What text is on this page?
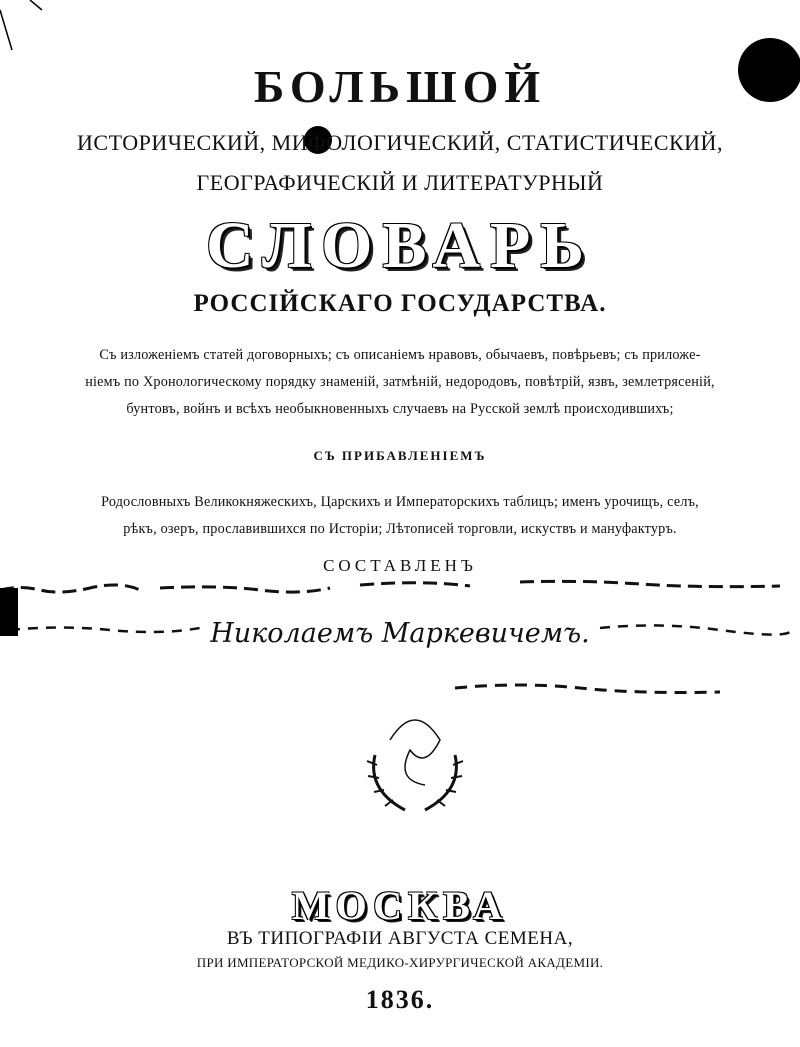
БОЛЬШОЙ
ИСТОРИЧЕСКИЙ, МИФОЛОГИЧЕСКИЙ, СТАТИСТИЧЕСКИЙ,
ГЕОГРАФИЧЕСКІЙ И ЛИТЕРАТУРНЫЙ
СЛОВАРЬ
РОССІЙСКАГО ГОСУДАРСТВА.
Съ изложеніемъ статей договорныхъ; съ описаніемъ нравовъ, обычаевъ, повѣрьевъ; съ приложе-
ніемъ по Хронологическому порядку знаменій, затмѣній, недородовъ, повѣтрій, язвъ, землетрясеній,
бунтовъ, войнъ и всѣхъ необыкновенныхъ случаевъ на Русской землѣ происходившихъ;
СЪ ПРИБАВЛЕНІЕМЪ
Родословныхъ Великокняжескихъ, Царскихъ и Императорскихъ таблицъ; именъ урочищъ, селъ,
рѣкъ, озеръ, прославившихся по Исторіи; Лѣтописей торговли, искуствъ и мануфактуръ.
СОСТАВЛЕНЪ
Николаемъ Маркевичемъ.
МОСКВА
ВЪ ТИПОГРАФІИ АВГУСТА СЕМЕНА,
ПРИ ИМПЕРАТОРСКОЙ МЕДИКО-ХИРУРГИЧЕСКОЙ АКАДЕМІИ.
1836.
